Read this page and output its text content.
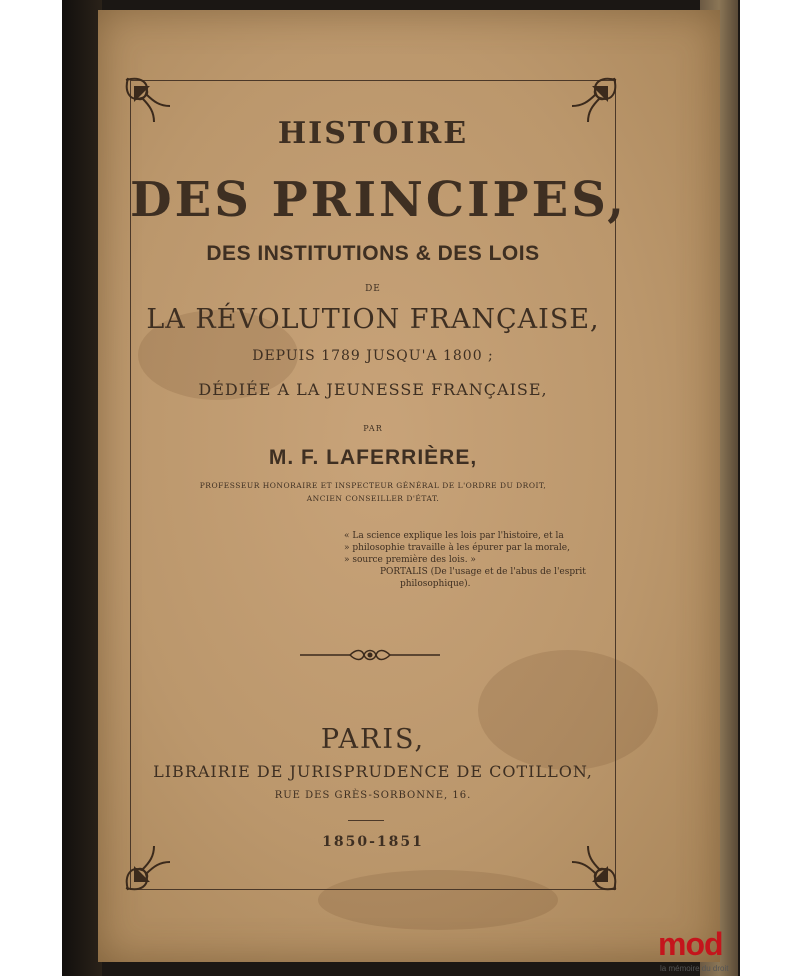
HISTOIRE
DES PRINCIPES,
DES INSTITUTIONS & DES LOIS
DE
LA RÉVOLUTION FRANÇAISE,
DEPUIS 1789 JUSQU'A 1800 ;
DÉDIÉE A LA JEUNESSE FRANÇAISE,
PAR
M. F. LAFERRIÈRE,
PROFESSEUR HONORAIRE ET INSPECTEUR GÉNÉRAL DE L'ORDRE DU DROIT,
ANCIEN CONSEILLER D'ÉTAT.
« La science explique les lois par l'histoire, et la
» philosophie travaille à les épurer par la morale,
» source première des lois. »
PORTALIS (De l'usage et de l'abus de l'esprit
philosophique).
PARIS,
LIBRAIRIE DE JURISPRUDENCE DE COTILLON,
RUE DES GRÈS-SORBONNE, 16.
1850-1851
mod
la mémoire du droit
